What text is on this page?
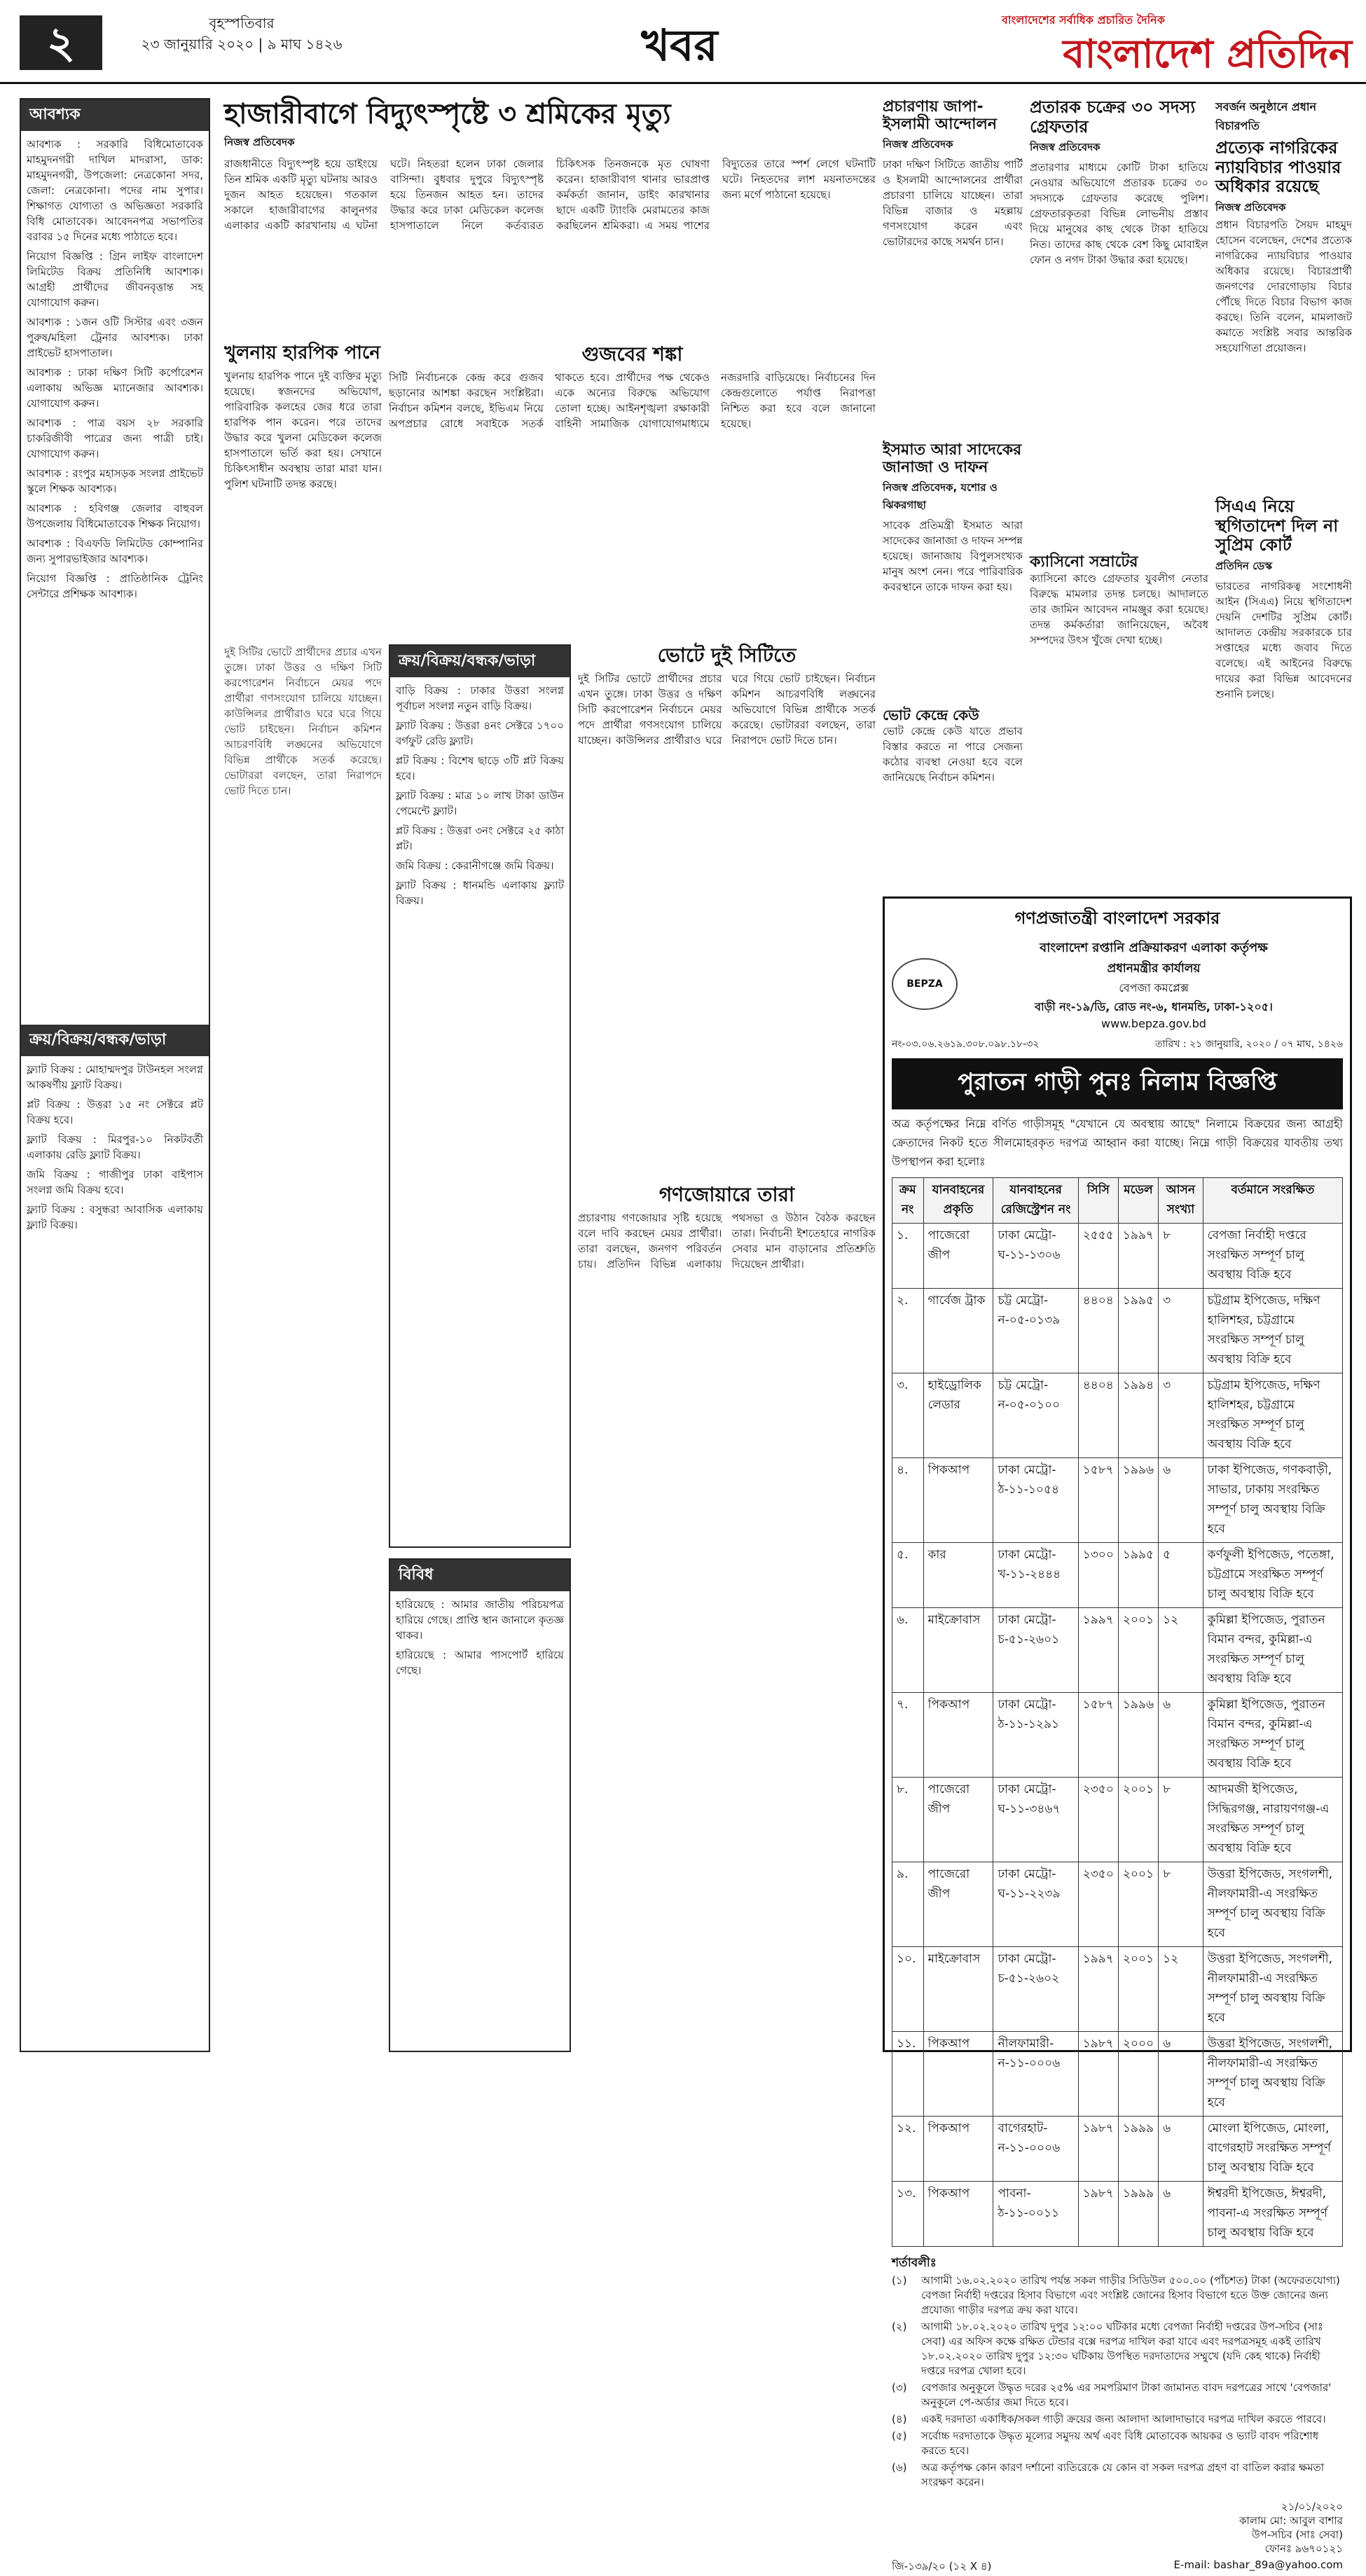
২	বৃহস্পতিবার
২৩ জানুয়ারি ২০২০ | ৯ মাঘ ১৪২৬	খবর	বাংলাদেশের সর্বাধিক প্রচারিত দৈনিক
বাংলাদেশ প্রতিদিন
আবশ্যক

আবশ্যক : সরকারি বিধিমোতাবেক মাহমুদনগরী দাখিল মাদরাসা, ডাক: মাহমুদনগরী, উপজেলা: নেত্রকোনা সদর, জেলা: নেত্রকোনা। পদের নাম সুপার। শিক্ষাগত যোগ্যতা ও অভিজ্ঞতা সরকারি বিধি মোতাবেক। আবেদনপত্র সভাপতির বরাবর ১৫ দিনের মধ্যে পাঠাতে হবে।

নিয়োগ বিজ্ঞপ্তি : গ্রিন লাইফ বাংলাদেশ লিমিটেড বিক্রয় প্রতিনিধি আবশ্যক। আগ্রহী প্রার্থীদের জীবনবৃত্তান্ত সহ যোগাযোগ করুন।

আবশ্যক : ১জন ওটি সিস্টার এবং ৩জন পুরুষ/মহিলা ট্রেনার আবশ্যক। ঢাকা প্রাইভেট হাসপাতাল।

আবশ্যক : ঢাকা দক্ষিণ সিটি কর্পোরেশন এলাকায় অভিজ্ঞ ম্যানেজার আবশ্যক। যোগাযোগ করুন।

আবশ্যক : পাত্র বয়স ২৮ সরকারি চাকরিজীবী পাত্রের জন্য পাত্রী চাই। যোগাযোগ করুন।

আবশ্যক : রংপুর মহাসড়ক সংলগ্ন প্রাইভেট স্কুলে শিক্ষক আবশ্যক।

আবশ্যক : হবিগঞ্জ জেলার বাহুবল উপজেলায় বিধিমোতাবেক শিক্ষক নিয়োগ।

আবশ্যক : বিএফডি লিমিটেড কোম্পানির জন্য সুপারভাইজার আবশ্যক।

নিয়োগ বিজ্ঞপ্তি : প্রাতিষ্ঠানিক ট্রেনিং সেন্টারে প্রশিক্ষক আবশ্যক।

ক্রয়/বিক্রয়/বন্ধক/ভাড়া

ফ্ল্যাট বিক্রয় : মোহাম্মদপুর টাউনহল সংলগ্ন আকষর্ণীয় ফ্ল্যাট বিক্রয়।

প্লট বিক্রয় : উত্তরা ১৫ নং সেক্টরে প্লট বিক্রয় হবে।

ফ্ল্যাট বিক্রয় : মিরপুর-১০ নিকটবর্তী এলাকায় রেডি ফ্ল্যাট বিক্রয়।

জমি বিক্রয় : গাজীপুর ঢাকা বাইপাস সংলগ্ন জমি বিক্রয় হবে।

ফ্ল্যাট বিক্রয় : বসুন্ধরা আবাসিক এলাকায় ফ্ল্যাট বিক্রয়।

ক্রয়/বিক্রয়/বন্ধক/ভাড়া

বাড়ি বিক্রয় : ঢাকার উত্তরা সংলগ্ন পূর্বাচল সংলগ্ন নতুন বাড়ি বিক্রয়।

ফ্ল্যাট বিক্রয় : উত্তরা ৪নং সেক্টরে ১৭০০ বর্গফুট রেডি ফ্ল্যাট।

প্লট বিক্রয় : বিশেষ ছাড়ে ৩টি প্লট বিক্রয় হবে।

ফ্ল্যাট বিক্রয় : মাত্র ১০ লাখ টাকা ডাউন পেমেন্টে ফ্ল্যাট।

প্লট বিক্রয় : উত্তরা ৩নং সেক্টরে ২৫ কাঠা প্লট।

জমি বিক্রয় : কেরানীগঞ্জে জমি বিক্রয়।

ফ্ল্যাট বিক্রয় : ধানমন্ডি এলাকায় ফ্ল্যাট বিক্রয়।

বিবিধ

হারিয়েছে : আমার জাতীয় পরিচয়পত্র হারিয়ে গেছে। প্রাপ্তি স্থান জানালে কৃতজ্ঞ থাকব।

হারিয়েছে : আমার পাসপোর্ট হারিয়ে গেছে।

হাজারীবাগে বিদ্যুৎস্পৃষ্টে ৩ শ্রমিকের মৃত্যু
নিজস্ব প্রতিবেদক
রাজধানীতে বিদ্যুৎস্পৃষ্ট হয়ে ডাইংয়ে তিন শ্রমিক একটি মৃত্যু ঘটনায় আরও দুজন আহত হয়েছেন। গতকাল সকালে হাজারীবাগের কালুনগর এলাকার একটি কারখানায় এ ঘটনা ঘটে। নিহতরা হলেন ঢাকা জেলার বাসিন্দা। বুধবার দুপুরে বিদ্যুৎস্পৃষ্ট হয়ে তিনজন আহত হন। তাদের উদ্ধার করে ঢাকা মেডিকেল কলেজ হাসপাতালে নিলে কর্তব্যরত চিকিৎসক তিনজনকে মৃত ঘোষণা করেন। হাজারীবাগ থানার ভারপ্রাপ্ত কর্মকর্তা জানান, ডাইং কারখানার ছাদে একটি ট্যাংকি মেরামতের কাজ করছিলেন শ্রমিকরা। এ সময় পাশের বিদ্যুতের তারে স্পর্শ লেগে ঘটনাটি ঘটে। নিহতদের লাশ ময়নাতদন্তের জন্য মর্গে পাঠানো হয়েছে।
খুলনায় হারপিক পানে
খুলনায় হারপিক পানে দুই ব্যক্তির মৃত্যু হয়েছে। স্বজনদের অভিযোগ, পারিবারিক কলহের জের ধরে তারা হারপিক পান করেন। পরে তাদের উদ্ধার করে খুলনা মেডিকেল কলেজ হাসপাতালে ভর্তি করা হয়। সেখানে চিকিৎসাধীন অবস্থায় তারা মারা যান। পুলিশ ঘটনাটি তদন্ত করছে।
গুজবের শঙ্কা
সিটি নির্বাচনকে কেন্দ্র করে গুজব ছড়ানোর আশঙ্কা করছেন সংশ্লিষ্টরা। নির্বাচন কমিশন বলছে, ইভিএম নিয়ে অপপ্রচার রোধে সবাইকে সতর্ক থাকতে হবে। প্রার্থীদের পক্ষ থেকেও একে অন্যের বিরুদ্ধে অভিযোগ তোলা হচ্ছে। আইনশৃঙ্খলা রক্ষাকারী বাহিনী সামাজিক যোগাযোগমাধ্যমে নজরদারি বাড়িয়েছে। নির্বাচনের দিন কেন্দ্রগুলোতে পর্যাপ্ত নিরাপত্তা নিশ্চিত করা হবে বলে জানানো হয়েছে।
দুই সিটির ভোটে প্রার্থীদের প্রচার এখন তুঙ্গে। ঢাকা উত্তর ও দক্ষিণ সিটি করপোরেশন নির্বাচনে মেয়র পদে প্রার্থীরা গণসংযোগ চালিয়ে যাচ্ছেন। কাউন্সিলর প্রার্থীরাও ঘরে ঘরে গিয়ে ভোট চাইছেন। নির্বাচন কমিশন আচরণবিধি লঙ্ঘনের অভিযোগে বিভিন্ন প্রার্থীকে সতর্ক করেছে। ভোটাররা বলছেন, তারা নিরাপদে ভোট দিতে চান।
ভোটে দুই সিটিতে
দুই সিটির ভোটে প্রার্থীদের প্রচার এখন তুঙ্গে। ঢাকা উত্তর ও দক্ষিণ সিটি করপোরেশন নির্বাচনে মেয়র পদে প্রার্থীরা গণসংযোগ চালিয়ে যাচ্ছেন। কাউন্সিলর প্রার্থীরাও ঘরে ঘরে গিয়ে ভোট চাইছেন। নির্বাচন কমিশন আচরণবিধি লঙ্ঘনের অভিযোগে বিভিন্ন প্রার্থীকে সতর্ক করেছে। ভোটাররা বলছেন, তারা নিরাপদে ভোট দিতে চান।
গণজোয়ারে তারা
প্রচারণায় গণজোয়ার সৃষ্টি হয়েছে বলে দাবি করছেন মেয়র প্রার্থীরা। তারা বলছেন, জনগণ পরিবর্তন চায়। প্রতিদিন বিভিন্ন এলাকায় পথসভা ও উঠান বৈঠক করছেন তারা। নির্বাচনী ইশতেহারে নাগরিক সেবার মান বাড়ানোর প্রতিশ্রুতি দিয়েছেন প্রার্থীরা।
প্রচারণায় জাপা-ইসলামী আন্দোলন
নিজস্ব প্রতিবেদক
ঢাকা দক্ষিণ সিটিতে জাতীয় পার্টি ও ইসলামী আন্দোলনের প্রার্থীরা প্রচারণা চালিয়ে যাচ্ছেন। তারা বিভিন্ন বাজার ও মহল্লায় গণসংযোগ করেন এবং ভোটারদের কাছে সমর্থন চান।
ইসমাত আরা সাদেকের জানাজা ও দাফন
নিজস্ব প্রতিবেদক, যশোর ও ঝিকরগাছা
সাবেক প্রতিমন্ত্রী ইসমাত আরা সাদেকের জানাজা ও দাফন সম্পন্ন হয়েছে। জানাজায় বিপুলসংখ্যক মানুষ অংশ নেন। পরে পারিবারিক কবরস্থানে তাকে দাফন করা হয়।
ভোট কেন্দ্রে কেউ
ভোট কেন্দ্রে কেউ যাতে প্রভাব বিস্তার করতে না পারে সেজন্য কঠোর ব্যবস্থা নেওয়া হবে বলে জানিয়েছে নির্বাচন কমিশন।
প্রতারক চক্রের ৩০ সদস্য গ্রেফতার
নিজস্ব প্রতিবেদক
প্রতারণার মাধ্যমে কোটি টাকা হাতিয়ে নেওয়ার অভিযোগে প্রতারক চক্রের ৩০ সদস্যকে গ্রেফতার করেছে পুলিশ। গ্রেফতারকৃতরা বিভিন্ন লোভনীয় প্রস্তাব দিয়ে মানুষের কাছ থেকে টাকা হাতিয়ে নিত। তাদের কাছ থেকে বেশ কিছু মোবাইল ফোন ও নগদ টাকা উদ্ধার করা হয়েছে।
ক্যাসিনো সম্রাটের
ক্যাসিনো কাণ্ডে গ্রেফতার যুবলীগ নেতার বিরুদ্ধে মামলার তদন্ত চলছে। আদালতে তার জামিন আবেদন নামঞ্জুর করা হয়েছে। তদন্ত কর্মকর্তারা জানিয়েছেন, অবৈধ সম্পদের উৎস খুঁজে দেখা হচ্ছে।
সবর্জন অনুষ্ঠানে প্রধান বিচারপতি
প্রত্যেক নাগরিকের ন্যায়বিচার পাওয়ার অধিকার রয়েছে
নিজস্ব প্রতিবেদক
প্রধান বিচারপতি সৈয়দ মাহমুদ হোসেন বলেছেন, দেশের প্রত্যেক নাগরিকের ন্যায়বিচার পাওয়ার অধিকার রয়েছে। বিচারপ্রার্থী জনগণের দোরগোড়ায় বিচার পৌঁছে দিতে বিচার বিভাগ কাজ করছে। তিনি বলেন, মামলাজট কমাতে সংশ্লিষ্ট সবার আন্তরিক সহযোগিতা প্রয়োজন।
সিএএ নিয়ে স্থগিতাদেশ দিল না সুপ্রিম কোর্ট
প্রতিদিন ডেস্ক
ভারতের নাগরিকত্ব সংশোধনী আইন (সিএএ) নিয়ে স্থগিতাদেশ দেয়নি দেশটির সুপ্রিম কোর্ট। আদালত কেন্দ্রীয় সরকারকে চার সপ্তাহের মধ্যে জবাব দিতে বলেছে। এই আইনের বিরুদ্ধে দায়ের করা বিভিন্ন আবেদনের শুনানি চলছে।
গণপ্রজাতন্ত্রী বাংলাদেশ সরকার
BEPZA
বাংলাদেশ রপ্তানি প্রক্রিয়াকরণ এলাকা কর্তৃপক্ষ
প্রধানমন্ত্রীর কার্যালয়
বেপজা কমপ্লেক্স
বাড়ী নং-১৯/ডি, রোড নং-৬, ধানমন্ডি, ঢাকা-১২০৫।
www.bepza.gov.bd
নং-০৩.০৬.২৬১৯.৩০৮.০৯৮.১৮-৩২	তারিখ : ২১ জানুয়ারি, ২০২০ / ০৭ মাঘ, ১৪২৬
পুরাতন গাড়ী পুনঃ নিলাম বিজ্ঞপ্তি
অত্র কর্তৃপক্ষের নিম্নে বর্ণিত গাড়ীসমূহ "যেখানে যে অবস্থায় আছে" নিলামে বিক্রয়ের জন্য আগ্রহী ক্রেতাদের নিকট হতে সীলমোহরকৃত দরপত্র আহ্বান করা যাচ্ছে। নিম্নে গাড়ী বিক্রয়ের যাবতীয় তথ্য উপস্থাপন করা হলোঃ
ক্রম নং	যানবাহনের প্রকৃতি	যানবাহনের রেজিস্ট্রেশন নং	সিসি	মডেল	আসন সংখ্যা	বর্তমানে সংরক্ষিত
১.	পাজেরো জীপ	ঢাকা মেট্রো-ঘ-১১-১৩০৬	২৫৫৫	১৯৯৭	৮	বেপজা নির্বাহী দপ্তরে সংরক্ষিত সম্পূর্ণ চালু অবস্থায় বিক্রি হবে
২.	গার্বেজ ট্রাক	চট্ট মেট্রো-ন-০৫-০১৩৯	৪৪০৪	১৯৯৫	৩	চট্টগ্রাম ইপিজেড, দক্ষিণ হালিশহর, চট্টগ্রামে সংরক্ষিত সম্পূর্ণ চালু অবস্থায় বিক্রি হবে
৩.	হাইড্রোলিক লেডার	চট্ট মেট্রো-ন-০৫-০১০০	৪৪০৪	১৯৯৪	৩	চট্টগ্রাম ইপিজেড, দক্ষিণ হালিশহর, চট্টগ্রামে সংরক্ষিত সম্পূর্ণ চালু অবস্থায় বিক্রি হবে
৪.	পিকআপ	ঢাকা মেট্রো-ঠ-১১-১০৫৪	১৫৮৭	১৯৯৬	৬	ঢাকা ইপিজেড, গণকবাড়ী, সাভার, ঢাকায় সংরক্ষিত সম্পূর্ণ চালু অবস্থায় বিক্রি হবে
৫.	কার	ঢাকা মেট্রো-খ-১১-২৪৪৪	১৩০০	১৯৯৫	৫	কর্ণফুলী ইপিজেড, পতেঙ্গা, চট্টগ্রামে সংরক্ষিত সম্পূর্ণ চালু অবস্থায় বিক্রি হবে
৬.	মাইক্রোবাস	ঢাকা মেট্রো-চ-৫১-২৬০১	১৯৯৭	২০০১	১২	কুমিল্লা ইপিজেড, পুরাতন বিমান বন্দর, কুমিল্লা-এ সংরক্ষিত সম্পূর্ণ চালু অবস্থায় বিক্রি হবে
৭.	পিকআপ	ঢাকা মেট্রো-ঠ-১১-১২৯১	১৫৮৭	১৯৯৬	৬	কুমিল্লা ইপিজেড, পুরাতন বিমান বন্দর, কুমিল্লা-এ সংরক্ষিত সম্পূর্ণ চালু অবস্থায় বিক্রি হবে
৮.	পাজেরো জীপ	ঢাকা মেট্রো-ঘ-১১-৩৪৬৭	২৩৫০	২০০১	৮	আদমজী ইপিজেড, সিদ্ধিরগঞ্জ, নারায়ণগঞ্জ-এ সংরক্ষিত সম্পূর্ণ চালু অবস্থায় বিক্রি হবে
৯.	পাজেরো জীপ	ঢাকা মেট্রো-ঘ-১১-২২৩৯	২৩৫০	২০০১	৮	উত্তরা ইপিজেড, সংগলশী, নীলফামারী-এ সংরক্ষিত সম্পূর্ণ চালু অবস্থায় বিক্রি হবে
১০.	মাইক্রোবাস	ঢাকা মেট্রো-চ-৫১-২৬০২	১৯৯৭	২০০১	১২	উত্তরা ইপিজেড, সংগলশী, নীলফামারী-এ সংরক্ষিত সম্পূর্ণ চালু অবস্থায় বিক্রি হবে
১১.	পিকআপ	নীলফামারী-ন-১১-০০০৬	১৯৮৭	২০০০	৬	উত্তরা ইপিজেড, সংগলশী, নীলফামারী-এ সংরক্ষিত সম্পূর্ণ চালু অবস্থায় বিক্রি হবে
১২.	পিকআপ	বাগেরহাট-ন-১১-০০০৬	১৯৮৭	১৯৯৯	৬	মোংলা ইপিজেড, মোংলা, বাগেরহাট সংরক্ষিত সম্পূর্ণ চালু অবস্থায় বিক্রি হবে
১৩.	পিকআপ	পাবনা-ঠ-১১-০০১১	১৯৮৭	১৯৯৯	৬	ঈশ্বরদী ইপিজেড, ঈশ্বরদী, পাবনা-এ সংরক্ষিত সম্পূর্ণ চালু অবস্থায় বিক্রি হবে
শর্তাবলীঃ
(১)	আগামী ১৬.০২.২০২০ তারিখ পর্যন্ত সকল গাড়ীর সিডিউল ৫০০.০০ (পাঁচশত) টাকা (অফেরতযোগ্য) বেপজা নির্বাহী দপ্তরের হিসাব বিভাগে এবং সংশ্লিষ্ট জোনের হিসাব বিভাগে হতে উক্ত জোনের জন্য প্রযোজ্য গাড়ীর দরপত্র ক্রয় করা যাবে।
(২)	আগামী ১৮.০২.২০২০ তারিখ দুপুর ১২:০০ ঘটিকার মধ্যে বেপজা নির্বাহী দপ্তরের উপ-সচিব (সাঃ সেবা) এর অফিস কক্ষে রক্ষিত টেন্ডার বক্সে দরপত্র দাখিল করা যাবে এবং দরপত্রসমূহ একই তারিখ ১৮.০২.২০২০ তারিখ দুপুর ১২:৩০ ঘটিকায় উপস্থিত দরদাতাদের সম্মুখে (যদি কেহ থাকে) নির্বাহী দপ্তরে দরপত্র খোলা হবে।
(৩)	বেপজার অনুকূলে উদ্ধৃত দরের ২৫% এর সমপরিমাণ টাকা জামানত বাবদ দরপত্রের সাথে 'বেপজার' অনুকূলে পে-অর্ডার জমা দিতে হবে।
(৪)	একই দরদাতা একাধিক/সকল গাড়ী ক্রয়ের জন্য আলাদা আলাদাভাবে দরপত্র দাখিল করতে পারবে।
(৫)	সর্বোচ্চ দরদাতাকে উদ্ধৃত মূল্যের সমুদয় অর্থ এবং বিধি মোতাবেক আয়কর ও ভ্যাট বাবদ পরিশোধ করতে হবে।
(৬)	অত্র কর্তৃপক্ষ কোন কারণ দর্শানো ব্যতিরেকে যে কোন বা সকল দরপত্র গ্রহণ বা বাতিল করার ক্ষমতা সংরক্ষণ করেন।
২১/০১/২০২০
কালাম মো: আবুল বাশার
উপ-সচিব (সাঃ সেবা)
ফোনঃ ৯৬৭০১২১
জি-১৩৯/২০ (১২ X ৪)	E-mail: bashar_89a@yahoo.com
